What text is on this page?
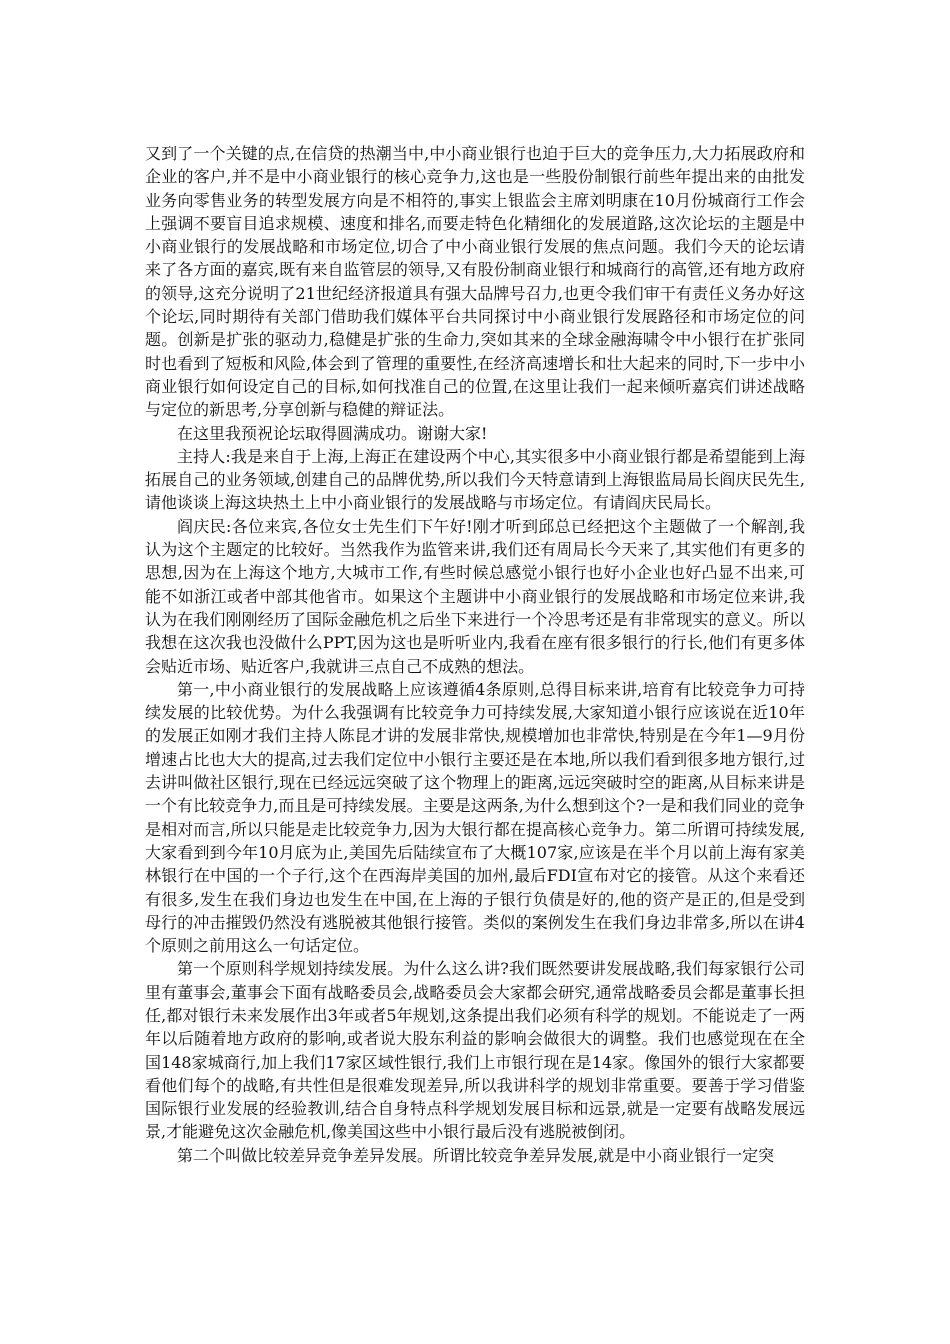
又到了一个关键的点,在信贷的热潮当中,中小商业银行也迫于巨大的竞争压力,大力拓展政府和企业的客户,并不是中小商业银行的核心竞争力,这也是一些股份制银行前些年提出来的由批发业务向零售业务的转型发展方向是不相符的,事实上银监会主席刘明康在10月份城商行工作会上强调不要盲目追求规模、速度和排名,而要走特色化精细化的发展道路,这次论坛的主题是中小商业银行的发展战略和市场定位,切合了中小商业银行发展的焦点问题。我们今天的论坛请来了各方面的嘉宾,既有来自监管层的领导,又有股份制商业银行和城商行的高管,还有地方政府的领导,这充分说明了21世纪经济报道具有强大品牌号召力,也更令我们审干有责任义务办好这个论坛,同时期待有关部门借助我们媒体平台共同探讨中小商业银行发展路径和市场定位的问题。创新是扩张的驱动力,稳健是扩张的生命力,突如其来的全球金融海啸令中小银行在扩张同时也看到了短板和风险,体会到了管理的重要性,在经济高速增长和壮大起来的同时,下一步中小商业银行如何设定自己的目标,如何找准自己的位置,在这里让我们一起来倾听嘉宾们讲述战略与定位的新思考,分享创新与稳健的辩证法。

在这里我预祝论坛取得圆满成功。谢谢大家!

主持人:我是来自于上海,上海正在建设两个中心,其实很多中小商业银行都是希望能到上海拓展自己的业务领域,创建自己的品牌优势,所以我们今天特意请到上海银监局局长阎庆民先生,请他谈谈上海这块热土上中小商业银行的发展战略与市场定位。有请阎庆民局长。

阎庆民:各位来宾,各位女士先生们下午好!刚才听到邱总已经把这个主题做了一个解剖,我认为这个主题定的比较好。当然我作为监管来讲,我们还有周局长今天来了,其实他们有更多的思想,因为在上海这个地方,大城市工作,有些时候总感觉小银行也好小企业也好凸显不出来,可能不如浙江或者中部其他省市。如果这个主题讲中小商业银行的发展战略和市场定位来讲,我认为在我们刚刚经历了国际金融危机之后坐下来进行一个冷思考还是有非常现实的意义。所以我想在这次我也没做什么PPT,因为这也是听听业内,我看在座有很多银行的行长,他们有更多体会贴近市场、贴近客户,我就讲三点自己不成熟的想法。

第一,中小商业银行的发展战略上应该遵循4条原则,总得目标来讲,培育有比较竞争力可持续发展的比较优势。为什么我强调有比较竞争力可持续发展,大家知道小银行应该说在近10年的发展正如刚才我们主持人陈昆才讲的发展非常快,规模增加也非常快,特别是在今年1—9月份增速占比也大大的提高,过去我们定位中小银行主要还是在本地,所以我们看到很多地方银行,过去讲叫做社区银行,现在已经远远突破了这个物理上的距离,远远突破时空的距离,从目标来讲是一个有比较竞争力,而且是可持续发展。主要是这两条,为什么想到这个?一是和我们同业的竞争是相对而言,所以只能是走比较竞争力,因为大银行都在提高核心竞争力。第二所谓可持续发展,大家看到到今年10月底为止,美国先后陆续宣布了大概107家,应该是在半个月以前上海有家美林银行在中国的一个子行,这个在西海岸美国的加州,最后FDI宣布对它的接管。从这个来看还有很多,发生在我们身边也发生在中国,在上海的子银行负债是好的,他的资产是正的,但是受到母行的冲击摧毁仍然没有逃脱被其他银行接管。类似的案例发生在我们身边非常多,所以在讲4个原则之前用这么一句话定位。

第一个原则科学规划持续发展。为什么这么讲?我们既然要讲发展战略,我们每家银行公司里有董事会,董事会下面有战略委员会,战略委员会大家都会研究,通常战略委员会都是董事长担任,都对银行未来发展作出3年或者5年规划,这条提出我们必须有科学的规划。不能说走了一两年以后随着地方政府的影响,或者说大股东利益的影响会做很大的调整。我们也感觉现在在全国148家城商行,加上我们17家区域性银行,我们上市银行现在是14家。像国外的银行大家都要看他们每个的战略,有共性但是很难发现差异,所以我讲科学的规划非常重要。要善于学习借鉴国际银行业发展的经验教训,结合自身特点科学规划发展目标和远景,就是一定要有战略发展远景,才能避免这次金融危机,像美国这些中小银行最后没有逃脱被倒闭。

第二个叫做比较差异竞争差异发展。所谓比较竞争差异发展,就是中小商业银行一定突
